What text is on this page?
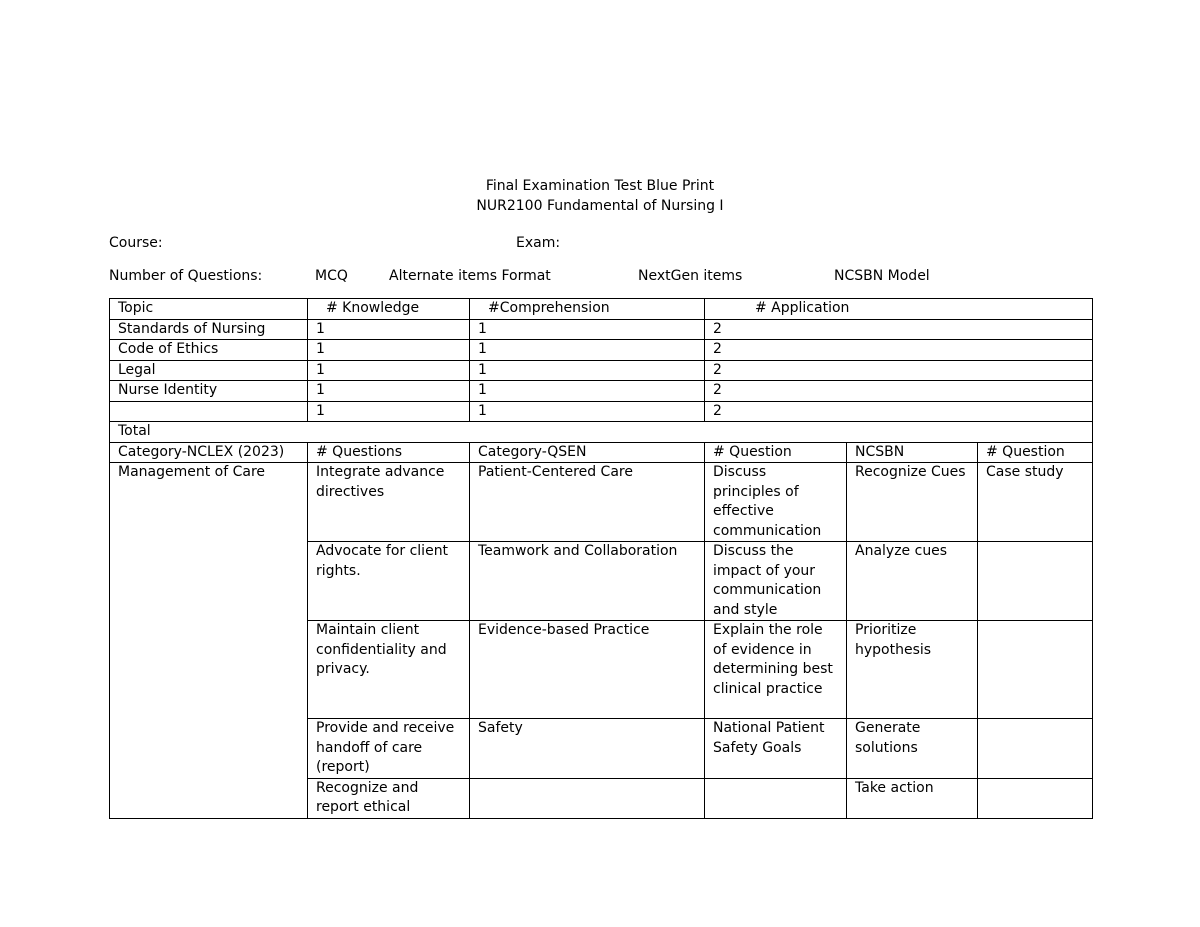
Final Examination Test Blue Print
NUR2100 Fundamental of Nursing I
Course:	Exam:
Number of Questions:	MCQ	Alternate items Format	NextGen items	NCSBN Model
Topic	# Knowledge	#Comprehension	# Application		
Standards of Nursing	1	1	2		
Code of Ethics	1	1	2		
Legal	1	1	2		
Nurse Identity	1	1	2		
	1	1	2		
Total					
Category-NCLEX (2023)	# Questions	Category-QSEN	# Question	NCSBN	# Question
Management of Care	Integrate advance directives	Patient-Centered Care	Discuss principles of effective communication	Recognize Cues	Case study
	Advocate for client rights.	Teamwork and Collaboration	Discuss the impact of your communication and style	Analyze cues	
	Maintain client confidentiality and privacy.	Evidence-based Practice	Explain the role of evidence in determining best clinical practice	Prioritize hypothesis	
	Provide and receive handoff of care (report)	Safety	National Patient Safety Goals	Generate solutions	
	Recognize and report ethical			Take action	
